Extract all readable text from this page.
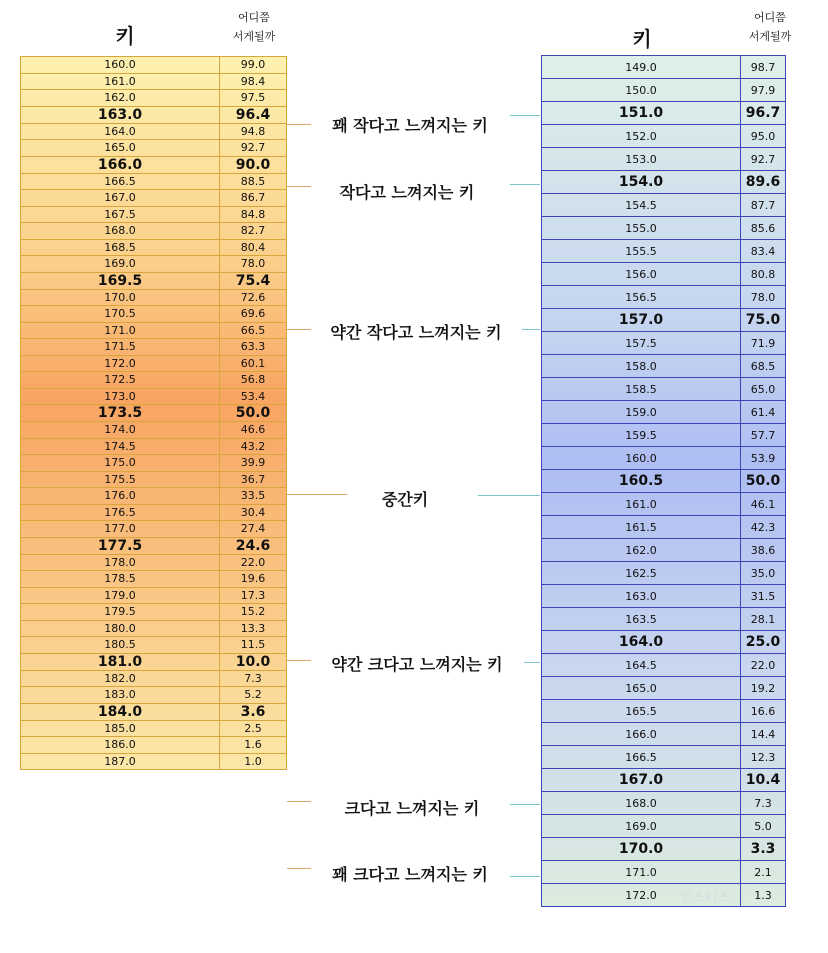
키
어디쯤
서게될까	키
어디쯤
서게될까
160.0	99.0
161.0	98.4
162.0	97.5
163.0	96.4
164.0	94.8
165.0	92.7
166.0	90.0
166.5	88.5
167.0	86.7
167.5	84.8
168.0	82.7
168.5	80.4
169.0	78.0
169.5	75.4
170.0	72.6
170.5	69.6
171.0	66.5
171.5	63.3
172.0	60.1
172.5	56.8
173.0	53.4
173.5	50.0
174.0	46.6
174.5	43.2
175.0	39.9
175.5	36.7
176.0	33.5
176.5	30.4
177.0	27.4
177.5	24.6
178.0	22.0
178.5	19.6
179.0	17.3
179.5	15.2
180.0	13.3
180.5	11.5
181.0	10.0
182.0	7.3
183.0	5.2
184.0	3.6
185.0	2.5
186.0	1.6
187.0	1.0
149.0	98.7
150.0	97.9
151.0	96.7
152.0	95.0
153.0	92.7
154.0	89.6
154.5	87.7
155.0	85.6
155.5	83.4
156.0	80.8
156.5	78.0
157.0	75.0
157.5	71.9
158.0	68.5
158.5	65.0
159.0	61.4
159.5	57.7
160.0	53.9
160.5	50.0
161.0	46.1
161.5	42.3
162.0	38.6
162.5	35.0
163.0	31.5
163.5	28.1
164.0	25.0
164.5	22.0
165.0	19.2
165.5	16.6
166.0	14.4
166.5	12.3
167.0	10.4
168.0	7.3
169.0	5.0
170.0	3.3
171.0	2.1
172.0	1.3
꽤 작다고 느껴지는 키
작다고 느껴지는 키
약간 작다고 느껴지는 키
중간키
약간 크다고 느껴지는 키
크다고 느껴지는 키
꽤 크다고 느껴지는 키
인스티즈
